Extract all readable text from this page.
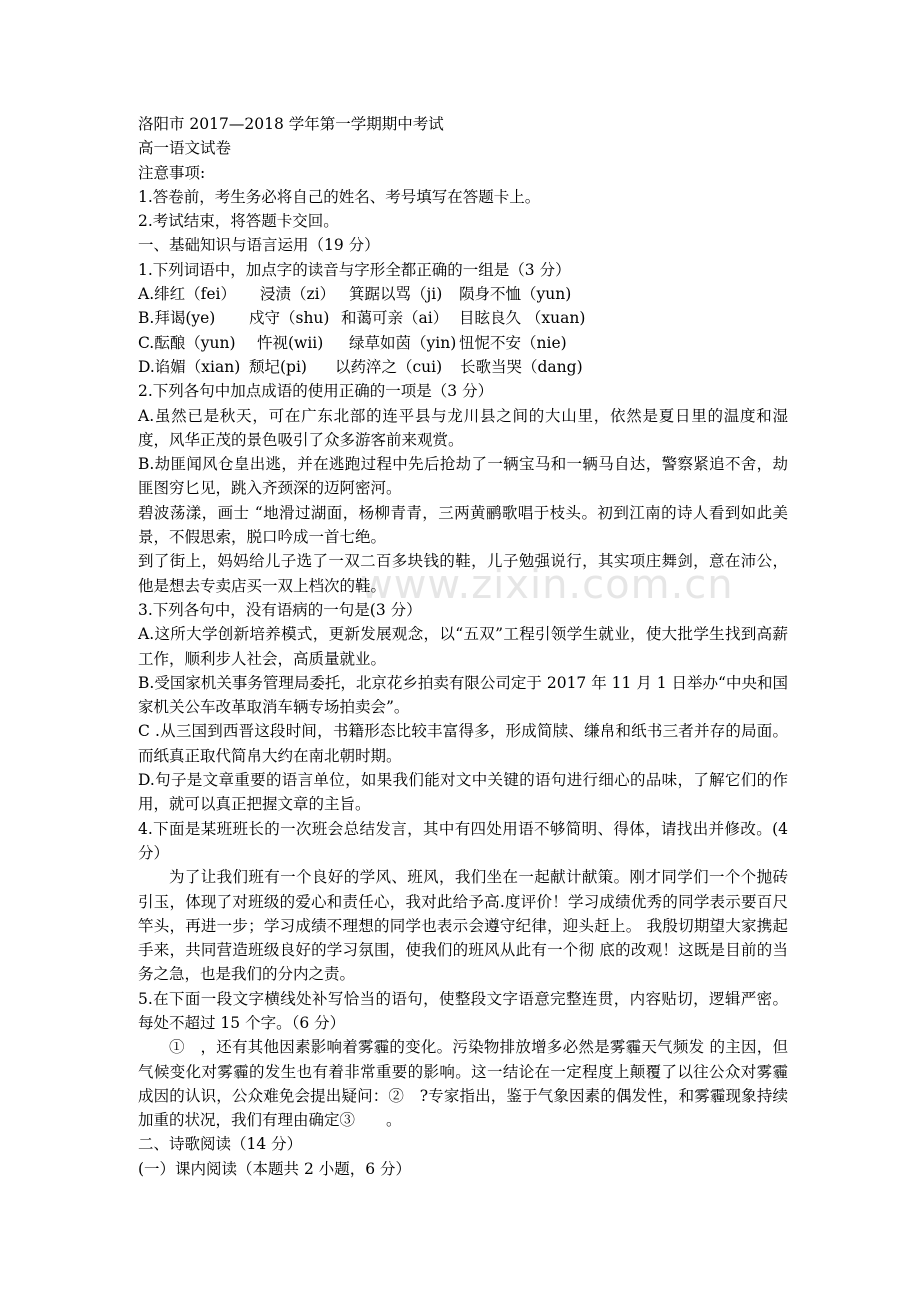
www.zixin.com.cn
洛阳市 2017—2018 学年第一学期期中考试
高一语文试卷
注意事项:
1.答卷前，考生务必将自己的姓名、考号填写在答题卡上。
2.考试结束，将答题卡交回。
一、基础知识与语言运用（19 分）
1.下列词语中，加点字的读音与字形全都正确的一组是（3 分）
A.绯红（fei）	浸渍（zi） 箕踞以骂（ji)	陨身不恤（yun)
B.拜谒(ye)	戍守（shu) 和蔼可亲（ai） 目眩良久 （xuan)
C.酝酿（yun)	忤视(wii)	绿草如茵（yin) 忸怩不安（nie)
D.谄媚（xian) 颓圮(pi)	以药淬之（cui)	长歌当哭（dang)
2.下列各句中加点成语的使用正确的一项是（3 分）
A.虽然已是秋天，可在广东北部的连平县与龙川县之间的大山里，依然是夏日里的温度和湿度，风华正茂的景色吸引了众多游客前来观赏。
B.劫匪闻风仓皇出逃，并在逃跑过程中先后抢劫了一辆宝马和一辆马自达，警察紧追不舍，劫匪图穷匕见，跳入齐颈深的迈阿密河。
碧波荡漾，画士 “地滑过湖面，杨柳青青，三两黄鹂歌唱于枝头。初到江南的诗人看到如此美景，不假思索，脱口吟成一首七绝。
到了街上，妈妈给儿子选了一双二百多块钱的鞋，儿子勉强说行，其实项庄舞剑，意在沛公，他是想去专卖店买一双上档次的鞋。
3.下列各句中，没有语病的一句是(3 分）
A.这所大学创新培养模式，更新发展观念，以“五双”工程引领学生就业，使大批学生找到高薪工作，顺利步人社会，高质量就业。
B.受国家机关事务管理局委托，北京花乡拍卖有限公司定于 2017 年 11 月 1 日举办“中央和国家机关公车改革取消车辆专场拍卖会”。
C .从三国到西晋这段时间，书籍形态比较丰富得多，形成简牍、缣帛和纸书三者并存的局面。而纸真正取代简帛大约在南北朝时期。
D.句子是文章重要的语言单位，如果我们能对文中关键的语句进行细心的品味，了解它们的作用，就可以真正把握文章的主旨。
4.下面是某班班长的一次班会总结发言，其中有四处用语不够简明、得体，请找出并修改。(4 分）
为了让我们班有一个良好的学风、班风，我们坐在一起献计献策。刚才同学们一个个抛砖引玉，体现了对班级的爱心和责任心，我对此给予高.度评价！学习成绩优秀的同学表示要百尺竿头，再进一步；学习成绩不理想的同学也表示会遵守纪律，迎头赶上。 我殷切期望大家携起手来，共同营造班级良好的学习氛围，使我们的班风从此有一个彻 底的改观！这既是目前的当务之急，也是我们的分内之责。
5.在下面一段文字横线处补写恰当的语句，使整段文字语意完整连贯，内容贴切，逻辑严密。每处不超过 15 个字。（6 分）
①　，还有其他因素影响着雾霾的变化。污染物排放增多必然是雾霾天气频发 的主因，但气候变化对雾霾的发生也有着非常重要的影响。这一结论在一定程度上颠覆了以往公众对雾霾成因的认识，公众难免会提出疑问：②　?专家指出，鉴于气象因素的偶发性，和雾霾现象持续加重的状况，我们有理由确定③　　。
二、诗歌阅读（14 分）
(一）课内阅读（本题共 2 小题，6 分）
